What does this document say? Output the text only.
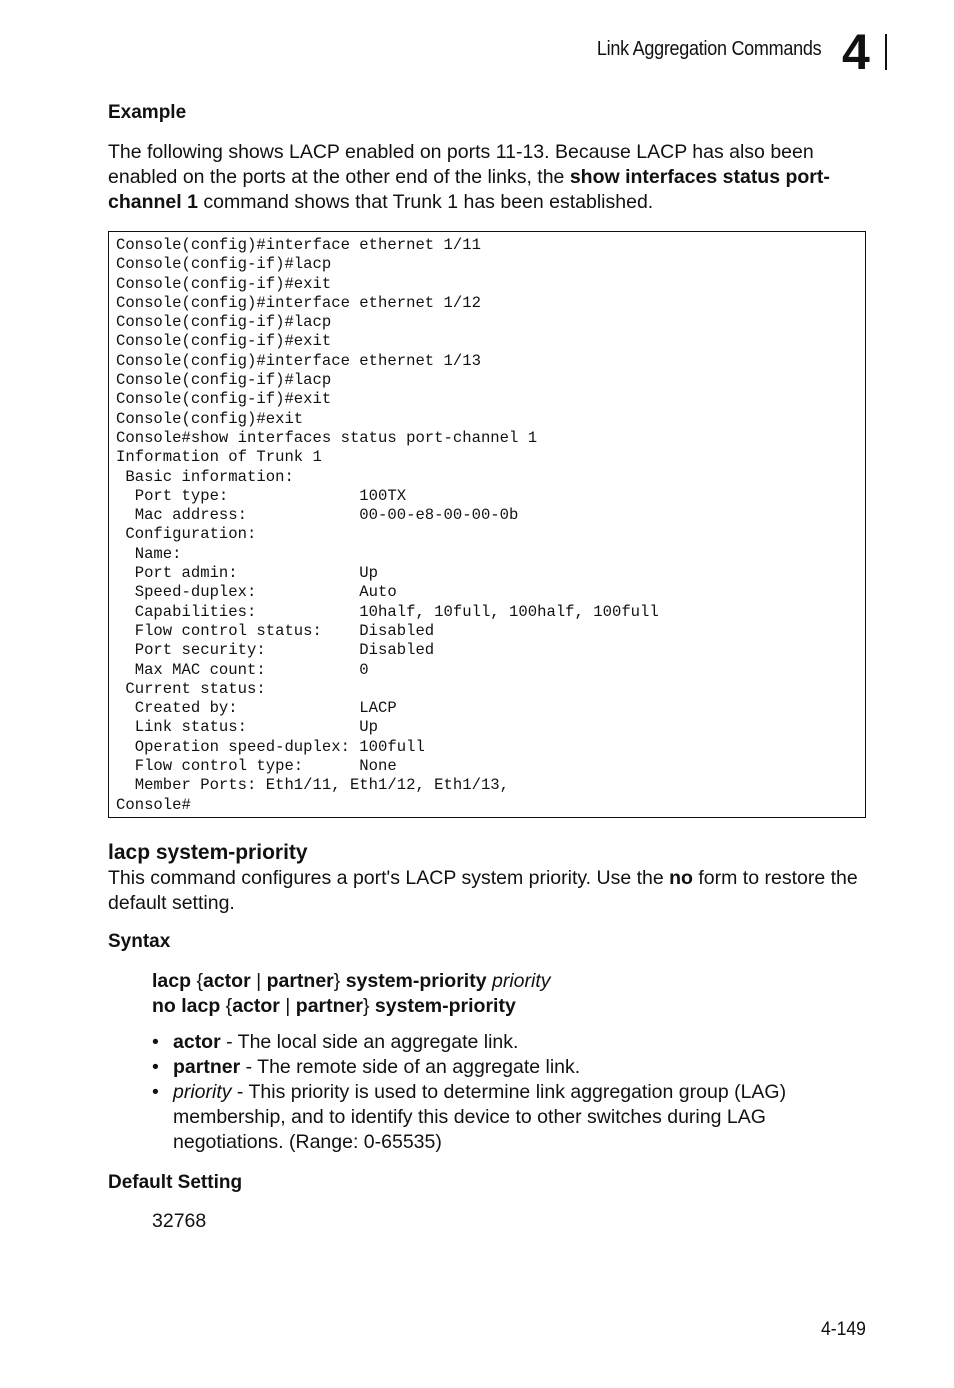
Link Aggregation Commands 4
Example

The following shows LACP enabled on ports 11-13. Because LACP has also been enabled on the ports at the other end of the links, the show interfaces status port-channel 1 command shows that Trunk 1 has been established.

Console(config)#interface ethernet 1/11
Console(config-if)#lacp
Console(config-if)#exit
Console(config)#interface ethernet 1/12
Console(config-if)#lacp
Console(config-if)#exit
Console(config)#interface ethernet 1/13
Console(config-if)#lacp
Console(config-if)#exit
Console(config)#exit
Console#show interfaces status port-channel 1
Information of Trunk 1
Basic information:
Port type:              100TX
Mac address:            00-00-e8-00-00-0b
Configuration:
Name:
Port admin:             Up
Speed-duplex:           Auto
Capabilities:           10half, 10full, 100half, 100full
Flow control status:    Disabled
Port security:          Disabled
Max MAC count:          0
Current status:
Created by:             LACP
Link status:            Up
Operation speed-duplex: 100full
Flow control type:      None
Member Ports: Eth1/11, Eth1/12, Eth1/13,
Console#
lacp system-priority

This command configures a port's LACP system priority. Use the no form to restore the default setting.

Syntax
lacp {actor | partner} system-priority priority
no lacp {actor | partner} system-priority
• actor - The local side an aggregate link.
• partner - The remote side of an aggregate link.
• priority - This priority is used to determine link aggregation group (LAG) membership, and to identify this device to other switches during LAG negotiations. (Range: 0-65535)
Default Setting
32768
4-149
